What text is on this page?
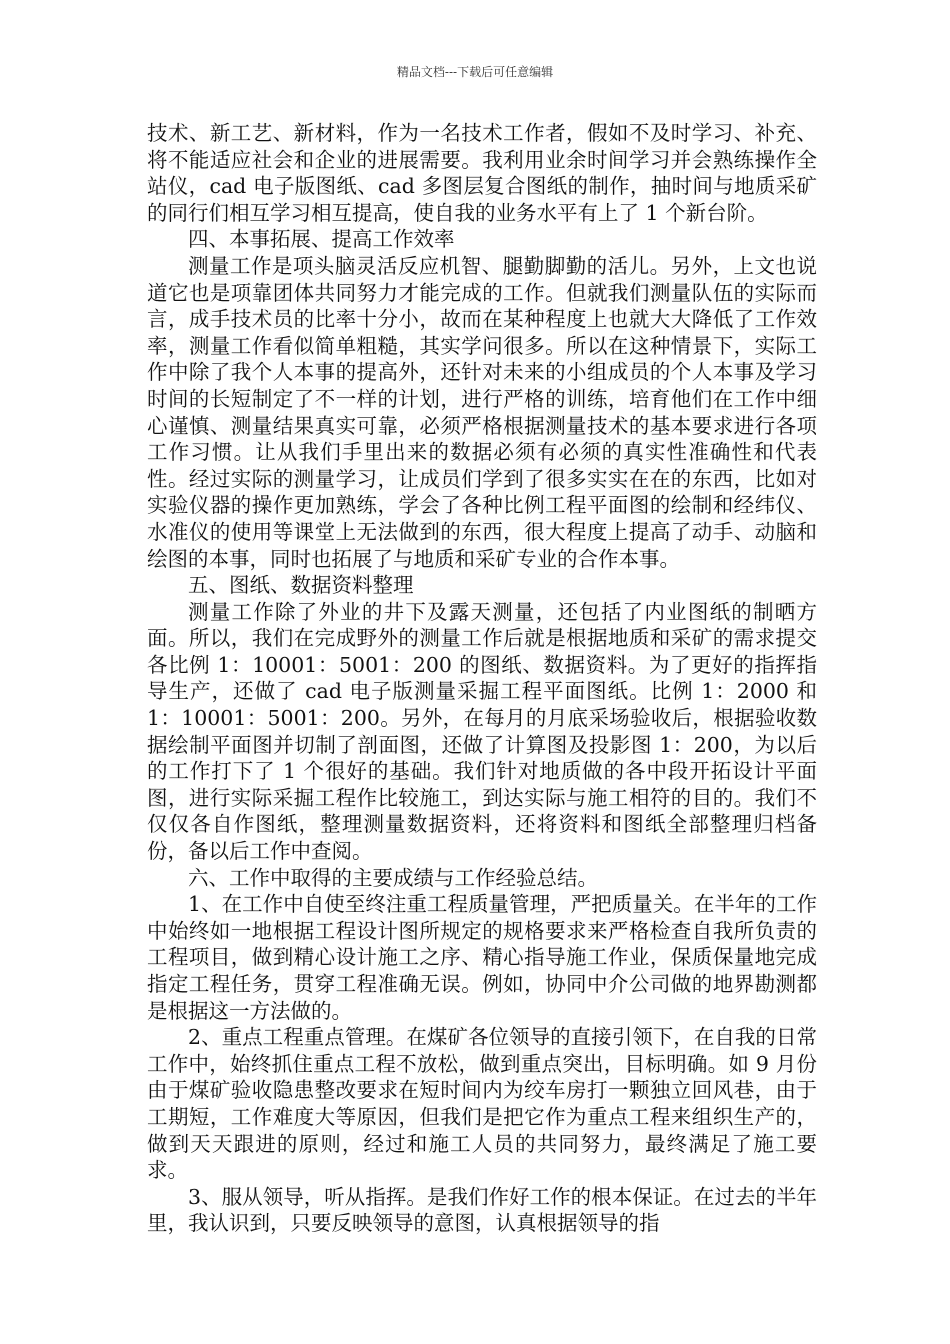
精品文档---下载后可任意编辑

技术、新工艺、新材料，作为一名技术工作者，假如不及时学习、补充、将不能适应社会和企业的进展需要。我利用业余时间学习并会熟练操作全站仪，cad 电子版图纸、cad 多图层复合图纸的制作，抽时间与地质采矿的同行们相互学习相互提高，使自我的业务水平有上了 1 个新台阶。

四、本事拓展、提高工作效率

测量工作是项头脑灵活反应机智、腿勤脚勤的活儿。另外，上文也说道它也是项靠团体共同努力才能完成的工作。但就我们测量队伍的实际而言，成手技术员的比率十分小，故而在某种程度上也就大大降低了工作效率，测量工作看似简单粗糙，其实学问很多。所以在这种情景下，实际工作中除了我个人本事的提高外，还针对未来的小组成员的个人本事及学习时间的长短制定了不一样的计划，进行严格的训练，培育他们在工作中细心谨慎、测量结果真实可靠，必须严格根据测量技术的基本要求进行各项工作习惯。让从我们手里出来的数据必须有必须的真实性准确性和代表性。经过实际的测量学习，让成员们学到了很多实实在在的东西，比如对实验仪器的操作更加熟练，学会了各种比例工程平面图的绘制和经纬仪、水准仪的使用等课堂上无法做到的东西，很大程度上提高了动手、动脑和绘图的本事，同时也拓展了与地质和采矿专业的合作本事。

五、图纸、数据资料整理

测量工作除了外业的井下及露天测量，还包括了内业图纸的制晒方面。所以，我们在完成野外的测量工作后就是根据地质和采矿的需求提交各比例 1：10001：5001：200 的图纸、数据资料。为了更好的指挥指导生产，还做了 cad 电子版测量采掘工程平面图纸。比例 1：2000 和 1：10001：5001：200。另外，在每月的月底采场验收后，根据验收数据绘制平面图并切制了剖面图，还做了计算图及投影图 1：200，为以后的工作打下了 1 个很好的基础。我们针对地质做的各中段开拓设计平面图，进行实际采掘工程作比较施工，到达实际与施工相符的目的。我们不仅仅各自作图纸，整理测量数据资料，还将资料和图纸全部整理归档备份，备以后工作中查阅。

六、工作中取得的主要成绩与工作经验总结。

1、在工作中自使至终注重工程质量管理，严把质量关。在半年的工作中始终如一地根据工程设计图所规定的规格要求来严格检查自我所负责的工程项目，做到精心设计施工之序、精心指导施工作业，保质保量地完成指定工程任务，贯穿工程准确无误。例如，协同中介公司做的地界勘测都是根据这一方法做的。

2、重点工程重点管理。在煤矿各位领导的直接引领下，在自我的日常工作中，始终抓住重点工程不放松，做到重点突出，目标明确。如 9 月份由于煤矿验收隐患整改要求在短时间内为绞车房打一颗独立回风巷，由于工期短，工作难度大等原因，但我们是把它作为重点工程来组织生产的，做到天天跟进的原则，经过和施工人员的共同努力，最终满足了施工要求。

3、服从领导，听从指挥。是我们作好工作的根本保证。在过去的半年里，我认识到，只要反映领导的意图，认真根据领导的指
